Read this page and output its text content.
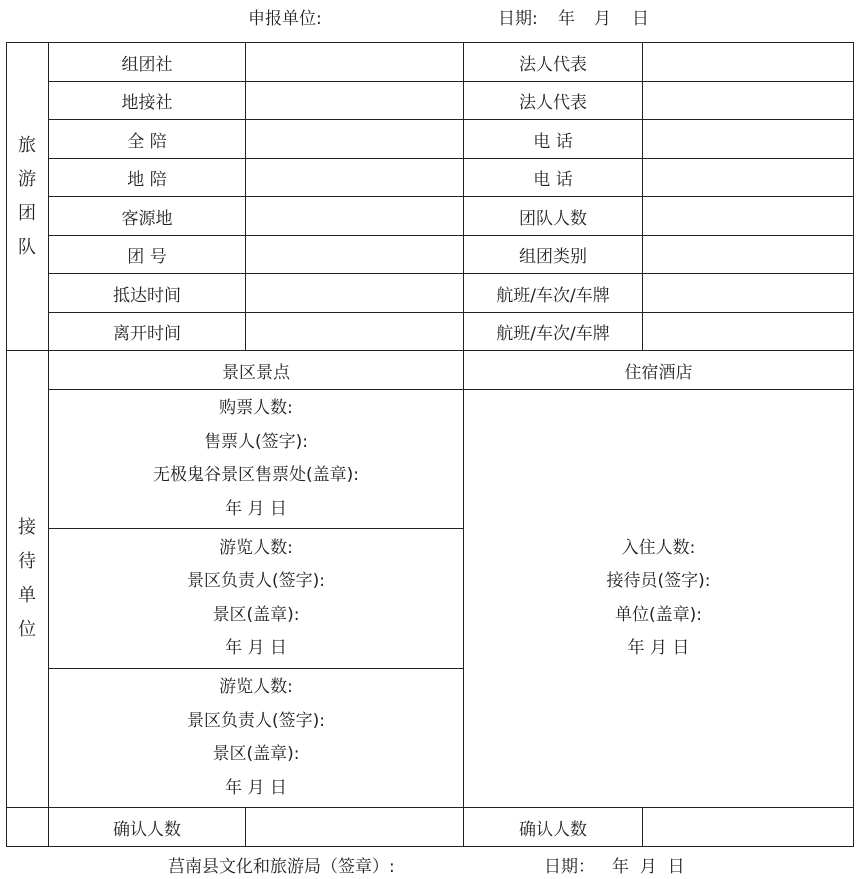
申报单位:	日期: 年 月 日
旅
游
团
队
接
待
单
位
组团社	法人代表
地接社	法人代表
全 陪	电 话
地 陪	电 话
客源地	团队人数
团 号	组团类别
抵达时间	航班/车次/车牌
离开时间	航班/车次/车牌
景区景点	住宿酒店
购票人数:
售票人(签字):
无极鬼谷景区售票处(盖章):
年 月 日
游览人数:
景区负责人(签字):
景区(盖章):
年 月 日
游览人数:
景区负责人(签字):
景区(盖章):
年 月 日
入住人数:
接待员(签字):
单位(盖章):
年 月 日
确认人数	确认人数
莒南县文化和旅游局（签章）:	日期： 年  月  日
